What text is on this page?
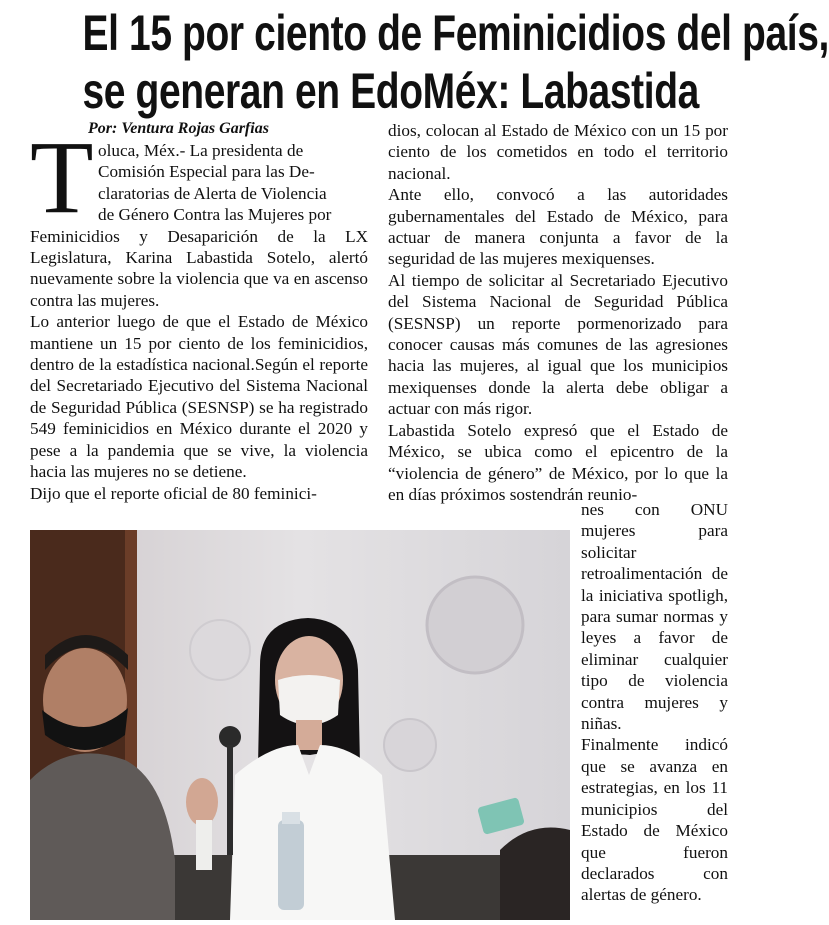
El 15 por ciento de Feminicidios del país,
se generan en EdoMéx: Labastida
Por: Ventura Rojas Garfias
T oluca, Méx.- La presidenta de
Comisión Especial para las De-
claratorias de Alerta de Violencia
de Género Contra las Mujeres por
Feminicidios y Desaparición de la LX Legislatura, Karina Labastida Sotelo, alertó nuevamente sobre la violencia que va en ascenso contra las mujeres.

Lo anterior luego de que el Estado de México mantiene un 15 por ciento de los feminicidios, dentro de la estadística nacional.Según el reporte del Secretariado Ejecutivo del Sistema Nacional de Seguridad Pública (SESNSP) se ha registrado 549 feminicidios en México durante el 2020 y pese a la pandemia que se vive, la violencia hacia las mujeres no se detiene.

Dijo que el reporte oficial de 80 feminici-

dios, colocan al Estado de México con un 15 por ciento de los cometidos en todo el territorio nacional.

Ante ello, convocó a las autoridades gubernamentales del Estado de México, para actuar de manera conjunta a favor de la seguridad de las mujeres mexiquenses.

Al tiempo de solicitar al Secretariado Ejecutivo del Sistema Nacional de Seguridad Pública (SESNSP) un reporte pormenorizado para conocer causas más comunes de las agresiones hacia las mujeres, al igual que los municipios mexiquenses donde la alerta debe obligar a actuar con más rigor.

Labastida Sotelo expresó que el Estado de México, se ubica como el epicentro de la “violencia de género” de México, por lo que la en días próximos sostendrán reunio-

nes con ONU mujeres para solicitar retroalimentación de la iniciativa spotligh, para sumar normas y leyes a favor de eliminar cualquier tipo de violencia contra mujeres y niñas.

Finalmente indicó que se avanza en estrategias, en los 11 municipios del Estado de México que fueron declarados con alertas de género.
